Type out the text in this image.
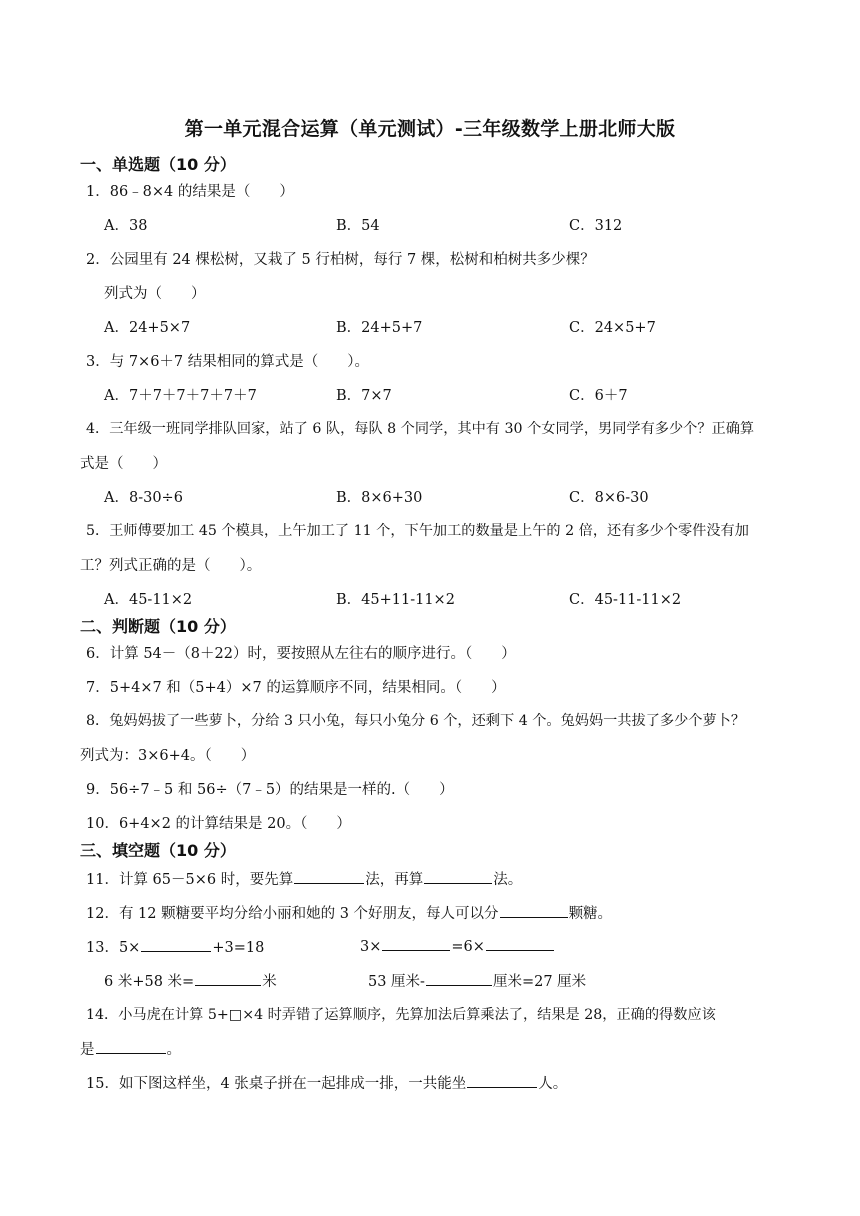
第一单元混合运算（单元测试）-三年级数学上册北师大版
一、单选题（10 分）
1．86﹣8×4 的结果是（　　）
A．38	B．54	C．312
2．公园里有 24 棵松树，又栽了 5 行柏树，每行 7 棵，松树和柏树共多少棵？
列式为（　　）
A．24+5×7	B．24+5+7	C．24×5+7
3．与 7×6＋7 结果相同的算式是（　　）。
A．7＋7＋7＋7＋7＋7	B．7×7	C．6＋7
4．三年级一班同学排队回家，站了 6 队，每队 8 个同学，其中有 30 个女同学，男同学有多少个？正确算
式是（　　）
A．8-30÷6	B．8×6+30	C．8×6-30
5．王师傅要加工 45 个模具，上午加工了 11 个，下午加工的数量是上午的 2 倍，还有多少个零件没有加
工？列式正确的是（　　）。
A．45-11×2	B．45+11-11×2	C．45-11-11×2
二、判断题（10 分）
6．计算 54－（8＋22）时，要按照从左往右的顺序进行。（　　）
7．5+4×7 和（5+4）×7 的运算顺序不同，结果相同。（　　）
8．兔妈妈拔了一些萝卜，分给 3 只小兔，每只小兔分 6 个，还剩下 4 个。兔妈妈一共拔了多少个萝卜？
列式为：3×6+4。（　　）
9．56÷7﹣5 和 56÷（7﹣5）的结果是一样的.（　　）
10．6+4×2 的计算结果是 20。（　　）
三、填空题（10 分）
11．计算 65－5×6 时，要先算	法，再算	法。
12．有 12 颗糖要平均分给小丽和她的 3 个好朋友，每人可以分	颗糖。
13．5×	+3=18	3×	=6×
6 米+58 米=	米	53 厘米-	厘米=27 厘米
14．小马虎在计算 5+□×4 时弄错了运算顺序，先算加法后算乘法了，结果是 28，正确的得数应该
是	。
15．如下图这样坐，4 张桌子拼在一起排成一排，一共能坐	人。
